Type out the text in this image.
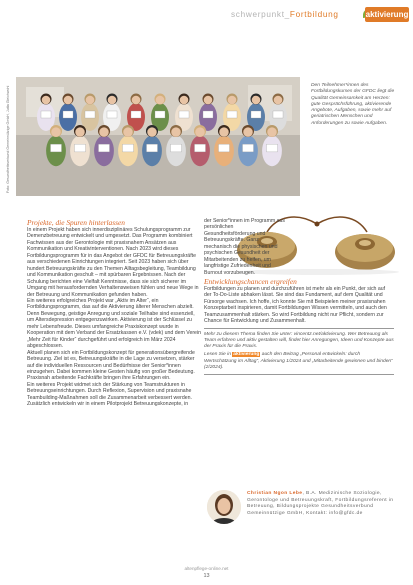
schwerpunkt_Fortbildung	aktivierung
Foto: Gesundheitsverbund Gemeinnützige GmbH, Jutta Gleichwohl
Den Teilnehmer*innen des Fortbildungskurses der GFDC liegt die Qualität Gemeinsamkeit am Herzen: gute Gesprächsführung, aktivierende Angebote, Aufgaben, sowie mehr auf geriatrischen Menschen und Anforderungen zu sowie Aufgaben.
Projekte, die Spuren hinterlassen

In einem Projekt haben sich innerdisziplinäres Schulungsprogramm zur Demenzbetreuung entwickelt und umgesetzt. Das Programm kombiniert Fachwissen aus der Gerontologie mit praxisnahem Ansätzen aus Kommunikation und Kreativinterventionen. Nach 2023 wird dieses Fortbildungsprogramm für in das Angebot der GFDC für Betreuungskräfte aus verschiedenen Einrichtungen integriert. Seit 2023 haben sich über hundert Betreuungskräfte zu den Themen Alltagsbegleitung, Teambildung und Kommunikation geschult – mit spürbaren Ergebnissen. Nach der Schulung berichten eine Vielfalt Kenntnisse, dass sie sich sicherer im Umgang mit herausfordernden Verhaltensweisen fühlen und neue Wege in der Betreuung und Kommunikation gefunden haben.

Ein weiteres erfolgreiches Projekt war „Aktiv im Alter“, ein Fortbildungsprogramm, das auf die Aktivierung älterer Menschen abzielt. Denn Bewegung, geistige Anregung und soziale Teilhabe sind essenziell, um Altersdepression entgegenzuwirken. Aktivierung ist der Schlüssel zu mehr Lebensfreude. Dieses umfangreiche Praxiskonzept wurde in Kooperation mit dem Verband der Ersatzkassen e.V. (vdek) und dem Verein „Mehr Zeit für Kinder“ durchgeführt und erfolgreich im März 2024 abgeschlossen.

Aktuell planen sich ein Fortbildungskonzept für generationsübergreifende Betreuung. Ziel ist es, Betreuungskräfte in die Lage zu versetzen, stärker auf die individuellen Ressourcen und Bedürfnisse der Senior*innen einzugehen. Dabei kommen kleine Gesten häufig von großer Bedeutung. Praxisnah arbeitende Fachkräfte bringen ihre Erfahrungen ein.

Ein weiteres Projekt widmet sich der Stärkung von Teamstrukturen in Betreuungseinrichtungen. Durch Reflexion, Supervision und praxisnahe Teambuilding-Maßnahmen soll die Zusammenarbeit verbessert werden. Zusätzlich entwickeln wir in einem Pilotprojekt Betreuungskonzepte, in

der Senior*innen im Programm aus persönlichen Gesundheitsförderung und Betreuungskräfte. Ganz mechanisch die physischen und psychischen Gesundheit der Mitarbeitenden zu helfen, um langfristige Zufriedenheit und Burnout vorzubeugen.

Entwicklungschancen ergreifen

Fortbildungen zu planen und durchzuführen ist mehr als ein Punkt, der sich auf der To-Do-Liste abhaken lässt. Sie sind das Fundament, auf dem Qualität und Fürsorge wachsen. Ich hoffe, ich konnte Sie mit Beispielen meiner praxisnahen Konzeptarbeit inspirieren, damit Fortbildungen Wissen vermitteln, und auch den Teamzusammenhalt stärken. So wird Fortbildung nicht nur Pflicht, sondern zur Chance für Entwicklung und Zusammenhalt.

Mehr zu diesem Thema finden Sie unter: vincentz.net/aktivierung. Wer Betreuung als Team erfahren und aktiv gestalten will, findet hier Anregungen, Ideen und Konzepte aus der Praxis für die Praxis.
Lesen Sie in aktivierung auch den Beitrag „Personal entwickeln: durch Wertschätzung im Alltag“, Aktivierung 1/2024 und „Mitarbeitende gewinnen und binden“ (2/2024).
Christian Ngon Lebe, B.A. Medizinische Soziologie, Gerontologe und Betreuungskraft, Fortbildungsreferent in Betreuung, Bildungsprojekte Gesundheitsverbund Gemeinnützige GmbH, Kontakt: info@gfdc.de
altenpflege-online.net
13
